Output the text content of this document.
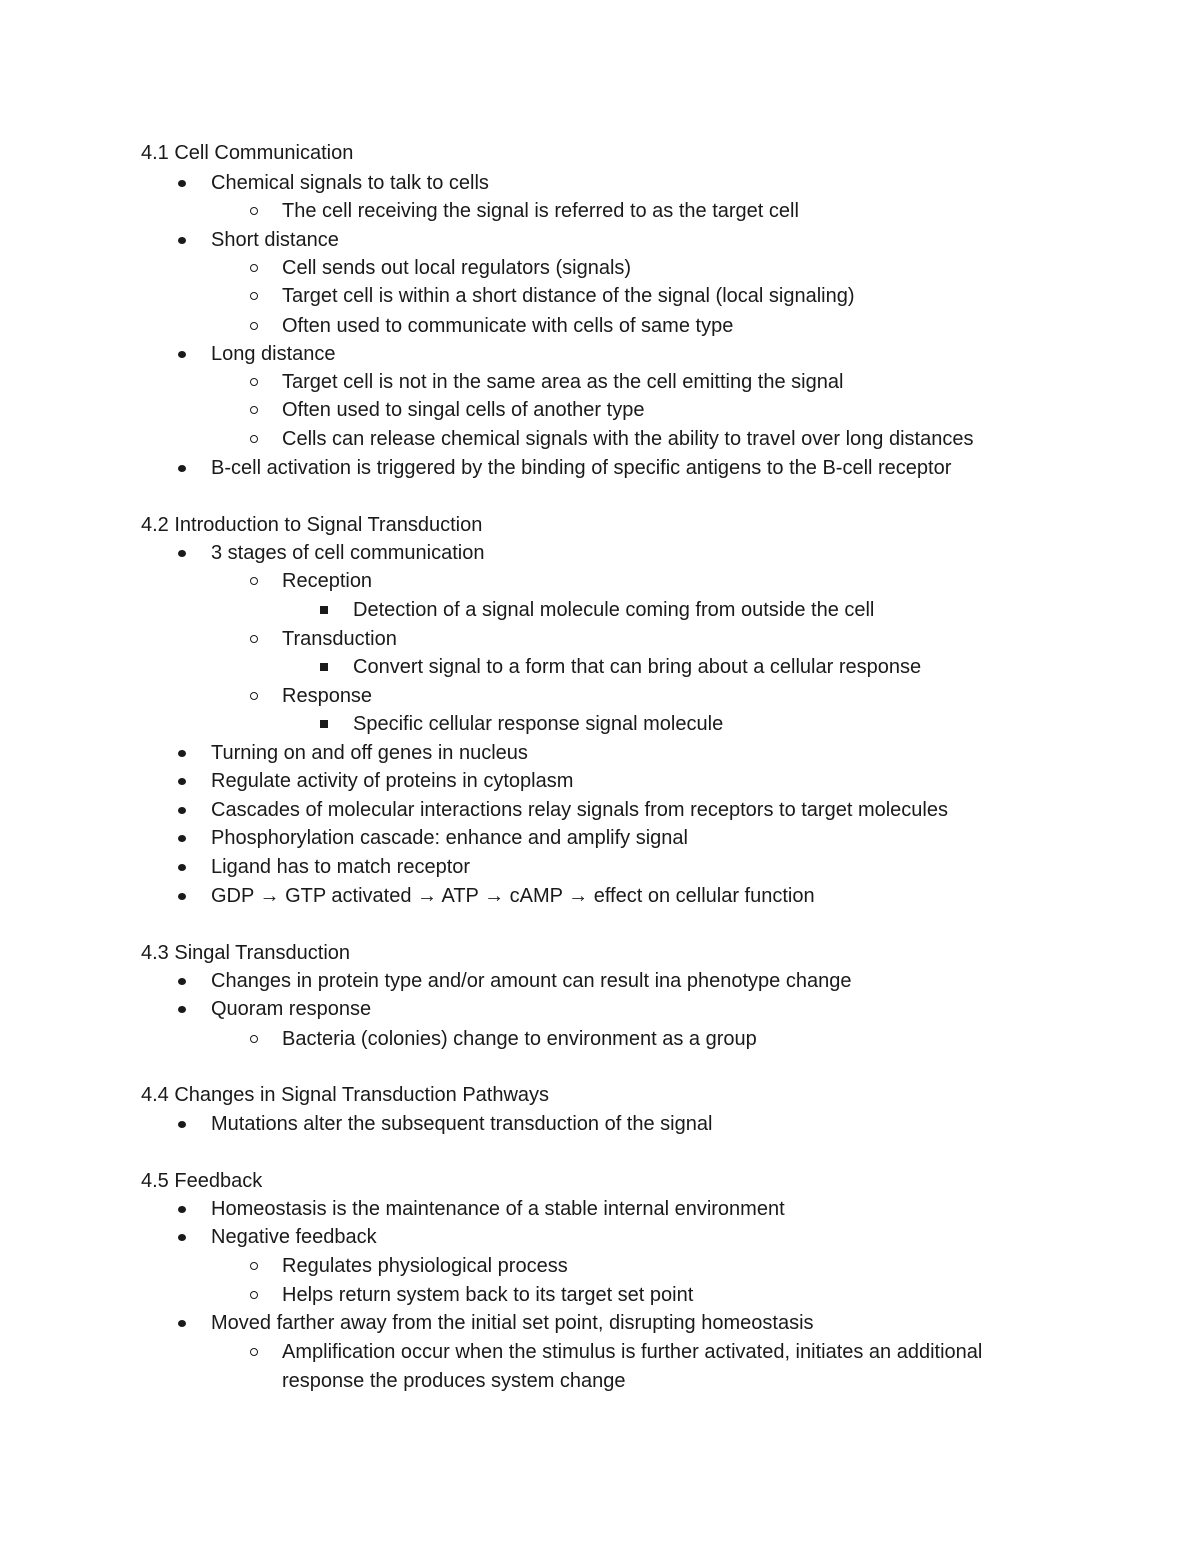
4.1 Cell Communication
Chemical signals to talk to cells
The cell receiving the signal is referred to as the target cell
Short distance
Cell sends out local regulators (signals)
Target cell is within a short distance of the signal (local signaling)
Often used to communicate with cells of same type
Long distance
Target cell is not in the same area as the cell emitting the signal
Often used to singal cells of another type
Cells can release chemical signals with the ability to travel over long distances
B-cell activation is triggered by the binding of specific antigens to the B-cell receptor
4.2 Introduction to Signal Transduction
3 stages of cell communication
Reception
Detection of a signal molecule coming from outside the cell
Transduction
Convert signal to a form that can bring about a cellular response
Response
Specific cellular response signal molecule
Turning on and off genes in nucleus
Regulate activity of proteins in cytoplasm
Cascades of molecular interactions relay signals from receptors to target molecules
Phosphorylation cascade: enhance and amplify signal
Ligand has to match receptor
GDP → GTP activated → ATP → cAMP → effect on cellular function
4.3 Singal Transduction
Changes in protein type and/or amount can result ina phenotype change
Quoram response
Bacteria (colonies) change to environment as a group
4.4 Changes in Signal Transduction Pathways
Mutations alter the subsequent transduction of the signal
4.5 Feedback
Homeostasis is the maintenance of a stable internal environment
Negative feedback
Regulates physiological process
Helps return system back to its target set point
Moved farther away from the initial set point, disrupting homeostasis
Amplification occur when the stimulus is further activated, initiates an additional response the produces system change
